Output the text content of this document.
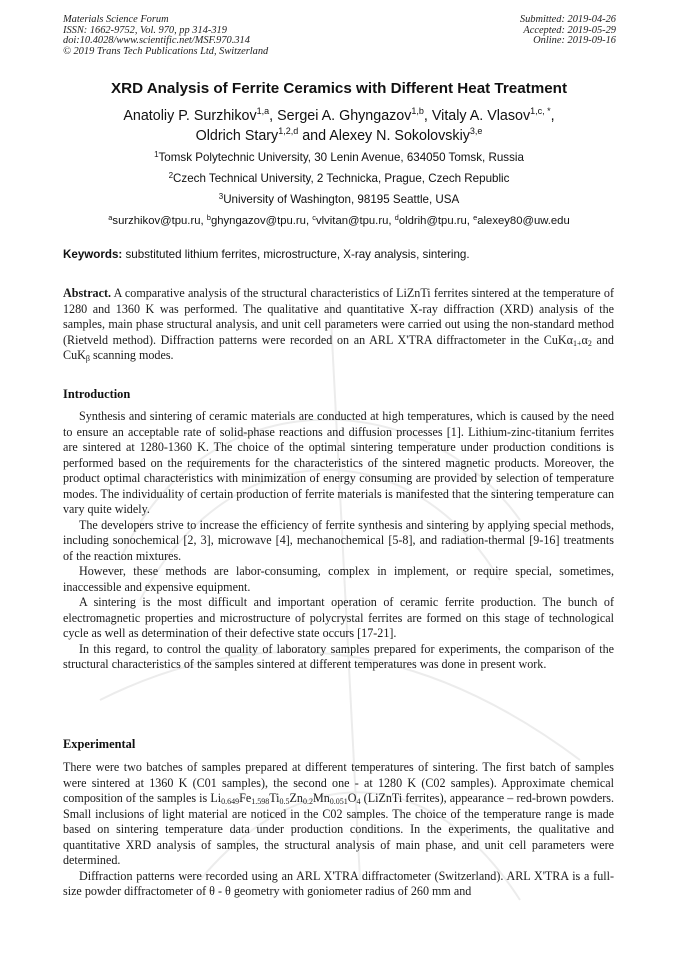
Materials Science Forum
ISSN: 1662-9752, Vol. 970, pp 314-319
doi:10.4028/www.scientific.net/MSF.970.314
© 2019 Trans Tech Publications Ltd, Switzerland
Submitted: 2019-04-26
Accepted: 2019-05-29
Online: 2019-09-16
XRD Analysis of Ferrite Ceramics with Different Heat Treatment
Anatoliy P. Surzhikov$^{1,a}$, Sergei A. Ghyngazov$^{1,b}$, Vitaly A. Vlasov$^{1,c, *}$,
Oldrich Stary$^{1,2,d}$ and Alexey N. Sokolovskiy$^{3,e}$
$^1$Tomsk Polytechnic University, 30 Lenin Avenue, 634050 Tomsk, Russia
$^2$Czech Technical University, 2 Technicka, Prague, Czech Republic
$^3$University of Washington, 98195 Seattle, USA
$^a$surzhikov@tpu.ru, $^b$ghyngazov@tpu.ru, $^c$vlvitan@tpu.ru, $^d$oldrih@tpu.ru, $^e$alexey80@uw.edu
Keywords: substituted lithium ferrites, microstructure, X-ray analysis, sintering.
Abstract. A comparative analysis of the structural characteristics of LiZnTi ferrites sintered at the temperature of 1280 and 1360 K was performed. The qualitative and quantitative X-ray diffraction (XRD) analysis of the samples, main phase structural analysis, and unit cell parameters were carried out using the non-standard method (Rietveld method). Diffraction patterns were recorded on an ARL X'TRA diffractometer in the $CuK\alpha_{1+}\alpha_2$ and CuK$_\beta$ scanning modes.
Introduction
Synthesis and sintering of ceramic materials are conducted at high temperatures, which is caused by the need to ensure an acceptable rate of solid-phase reactions and diffusion processes [1]. Lithium-zinc-titanium ferrites are sintered at 1280-1360 K. The choice of the optimal sintering temperature under production conditions is performed based on the requirements for the characteristics of the sintered magnetic products. Moreover, the product optimal characteristics with minimization of energy consuming are provided by selection of temperature modes. The individuality of certain production of ferrite materials is manifested that the sintering temperature can vary quite widely.
The developers strive to increase the efficiency of ferrite synthesis and sintering by applying special methods, including sonochemical [2, 3], microwave [4], mechanochemical [5-8], and radiation-thermal [9-16] treatments of the reaction mixtures.
However, these methods are labor-consuming, complex in implement, or require special, sometimes, inaccessible and expensive equipment.
A sintering is the most difficult and important operation of ceramic ferrite production. The bunch of electromagnetic properties and microstructure of polycrystal ferrites are formed on this stage of technological cycle as well as determination of their defective state occurs [17-21].
In this regard, to control the quality of laboratory samples prepared for experiments, the comparison of the structural characteristics of the samples sintered at different temperatures was done in present work.
Experimental
There were two batches of samples prepared at different temperatures of sintering. The first batch of samples were sintered at 1360 K (C01 samples), the second one - at 1280 K (C02 samples). Approximate chemical composition of the samples is $Li_{0.649}Fe_{1.598}Ti_{0.5}Zn_{0.2}Mn_{0.051}O_4$ (LiZnTi ferrites), appearance – red-brown powders. Small inclusions of light material are noticed in the C02 samples. The choice of the temperature range is made based on sintering temperature data under production conditions. In the experiments, the qualitative and quantitative XRD analysis of samples, the structural analysis of main phase, and unit cell parameters were determined.
Diffraction patterns were recorded using an ARL X'TRA diffractometer (Switzerland). ARL X'TRA is a full-size powder diffractometer of θ - θ geometry with goniometer radius of 260 mm and
